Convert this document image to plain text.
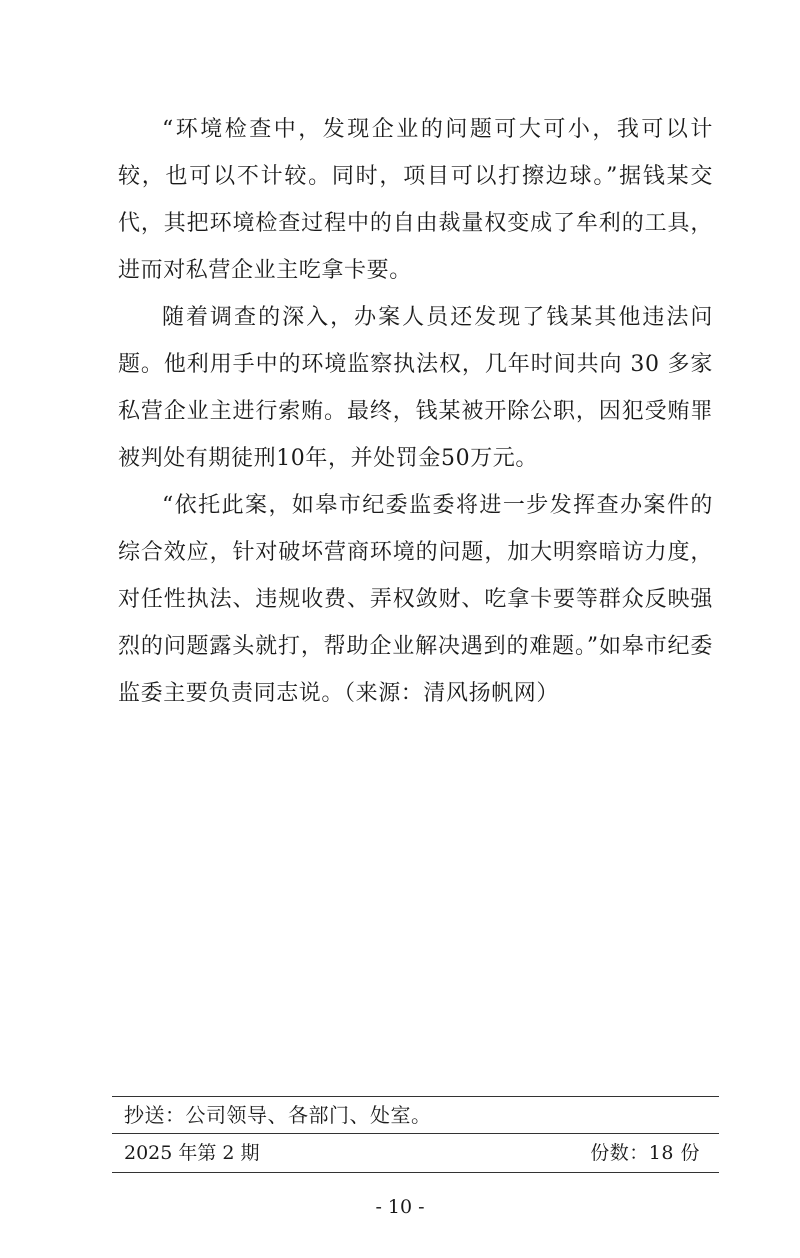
“环境检查中，发现企业的问题可大可小，我可以计较，也可以不计较。同时，项目可以打擦边球。”据钱某交代，其把环境检查过程中的自由裁量权变成了牟利的工具，进而对私营企业主吃拿卡要。

随着调查的深入，办案人员还发现了钱某其他违法问题。他利用手中的环境监察执法权，几年时间共向 30 多家私营企业主进行索贿。最终，钱某被开除公职，因犯受贿罪被判处有期徒刑10年，并处罚金50万元。

“依托此案，如皋市纪委监委将进一步发挥查办案件的综合效应，针对破坏营商环境的问题，加大明察暗访力度，对任性执法、违规收费、弄权敛财、吃拿卡要等群众反映强烈的问题露头就打，帮助企业解决遇到的难题。”如皋市纪委监委主要负责同志说。（来源：清风扬帆网）

抄送： 公司领导、各部门、处室。
2025 年第 2 期	份数：18 份
- 10 -
